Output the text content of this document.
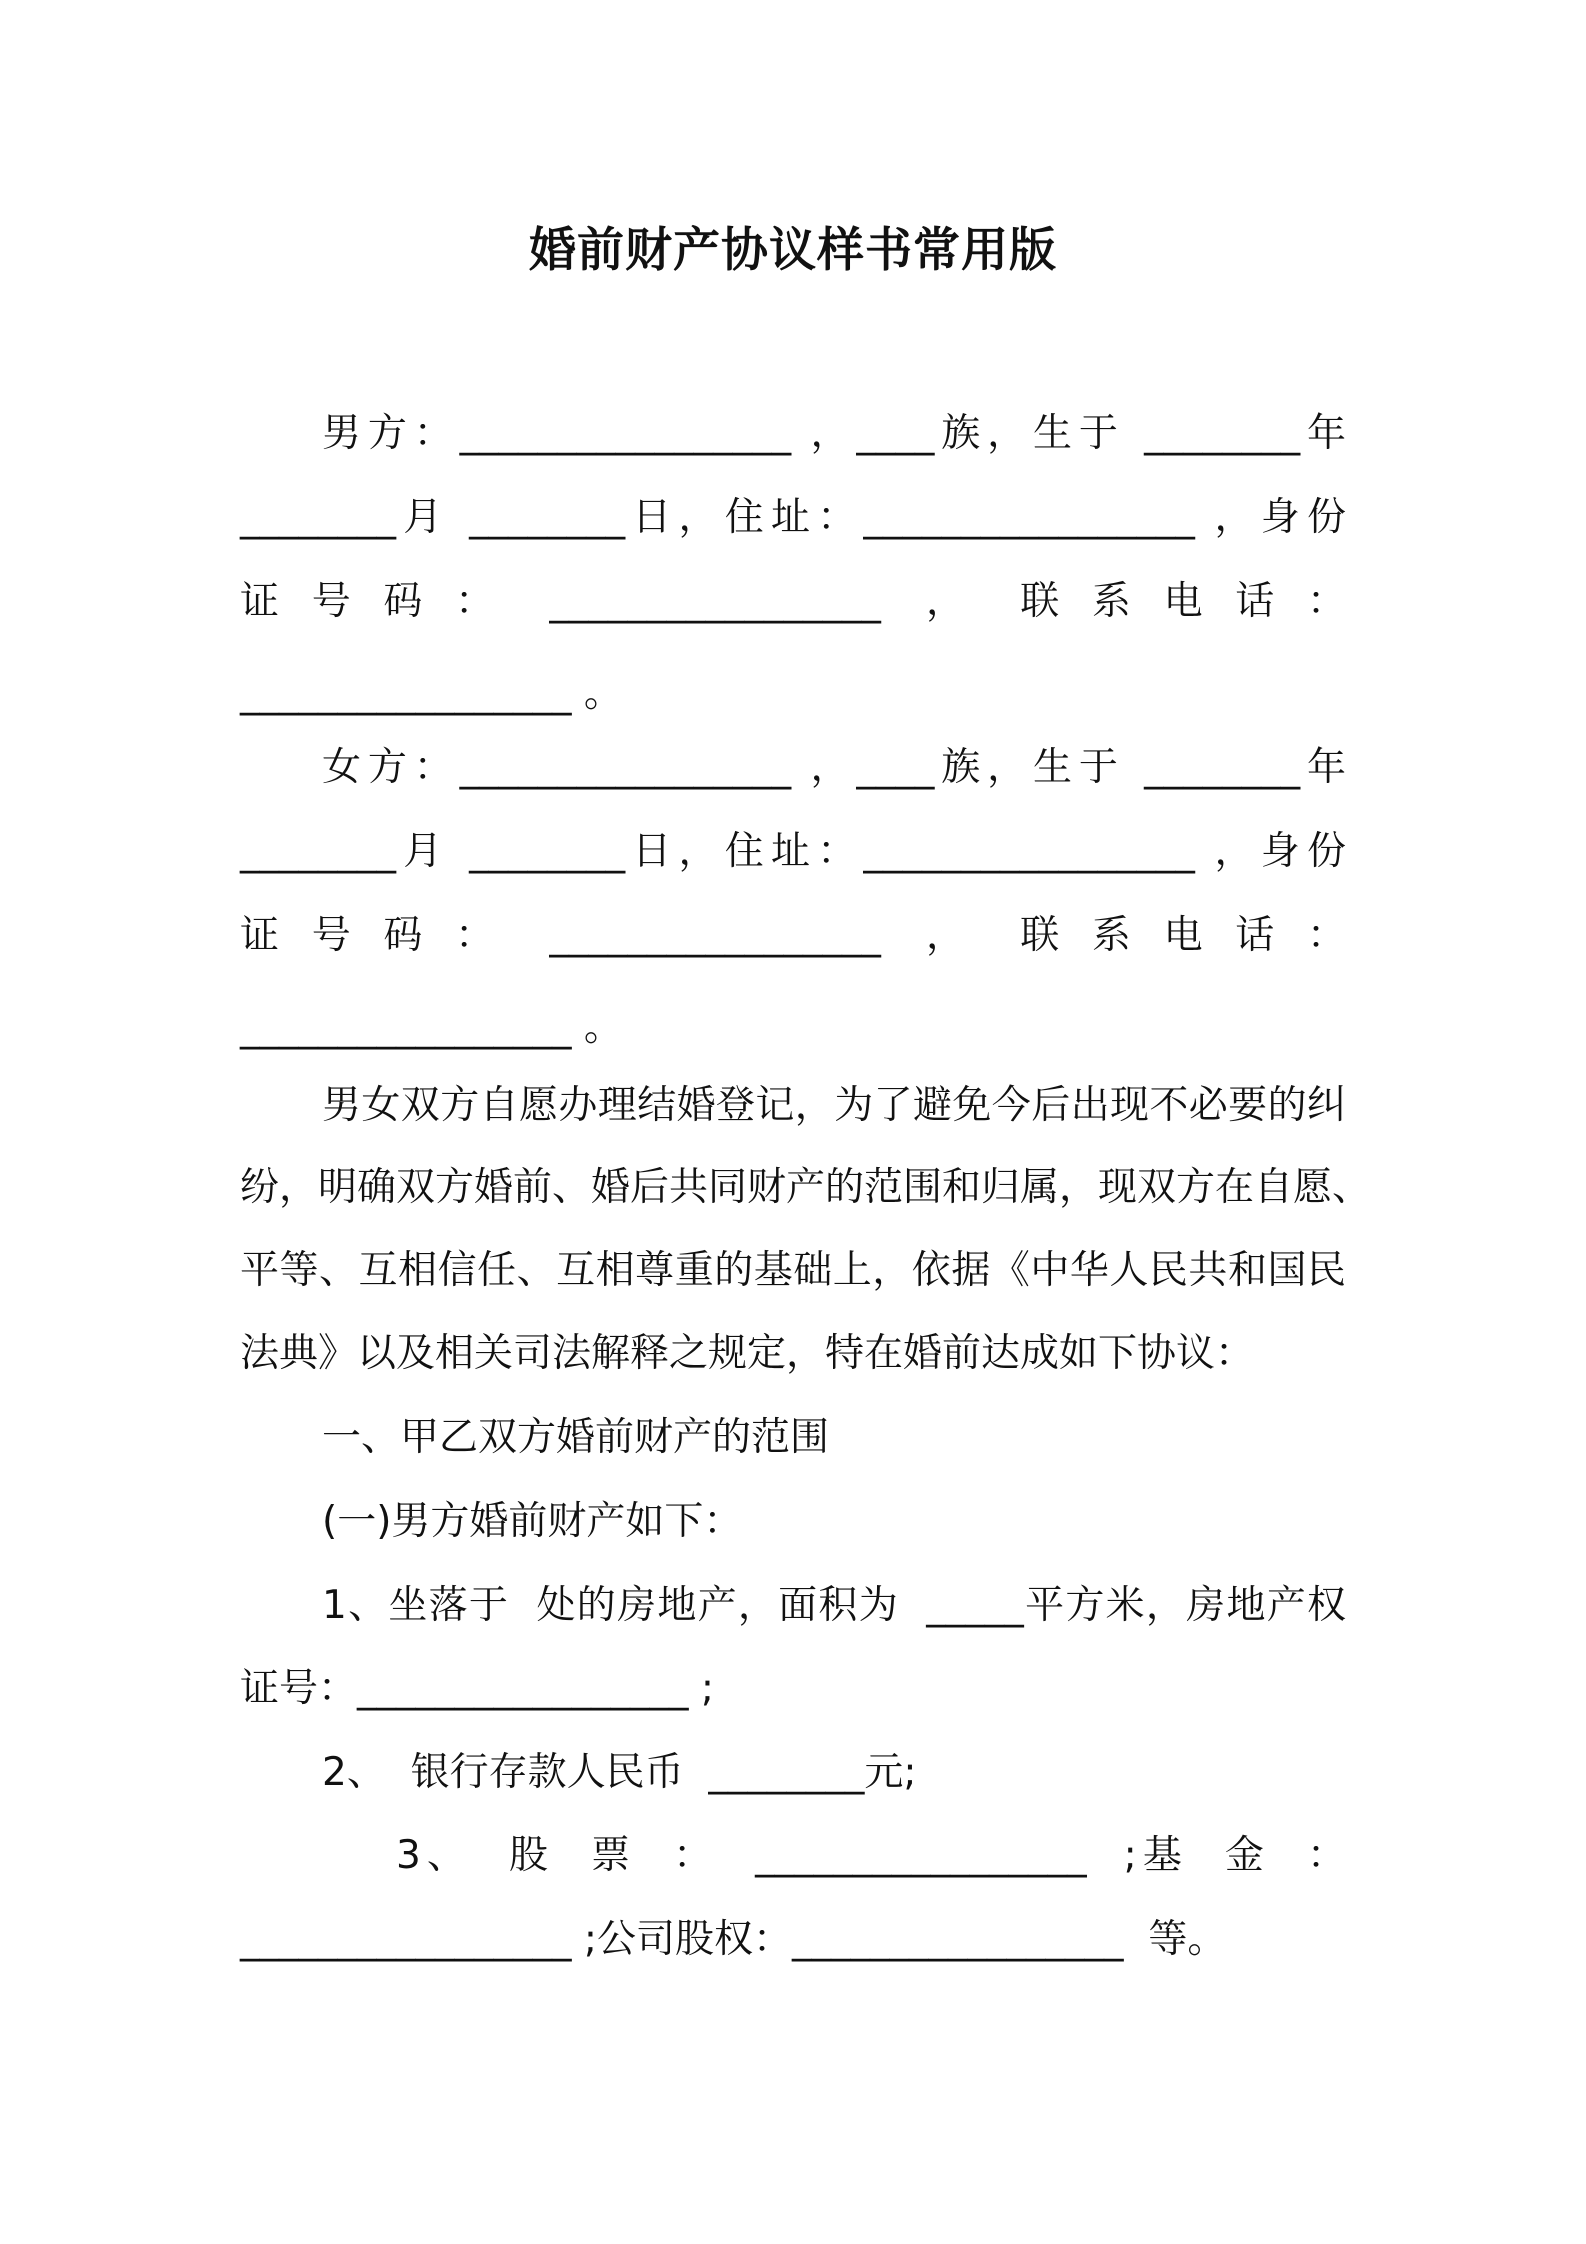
婚前财产协议样书常用版
男方：_________________ ，____族，生于 ________年
________月 ________日，住址：_________________ ，身份
证 号 码 ：  _________________  ，  联 系 电 话 ：
_________________ 。
女方：_________________ ，____族，生于 ________年
________月 ________日，住址：_________________ ，身份
证 号 码 ：  _________________  ，  联 系 电 话 ：
_________________ 。
男女双方自愿办理结婚登记，为了避免今后出现不必要的纠
纷，明确双方婚前、婚后共同财产的范围和归属，现双方在自愿、
平等、互相信任、互相尊重的基础上，依据《中华人民共和国民
法典》以及相关司法解释之规定，特在婚前达成如下协议：
一、甲乙双方婚前财产的范围
(一)男方婚前财产如下：
1、坐落于  处的房地产，面积为  _____平方米，房地产权
证号：_________________ ;
2、  银行存款人民币  ________元;
3、  股  票  ：  _________________  ;基  金  ：
_________________ ;公司股权：_________________  等。
